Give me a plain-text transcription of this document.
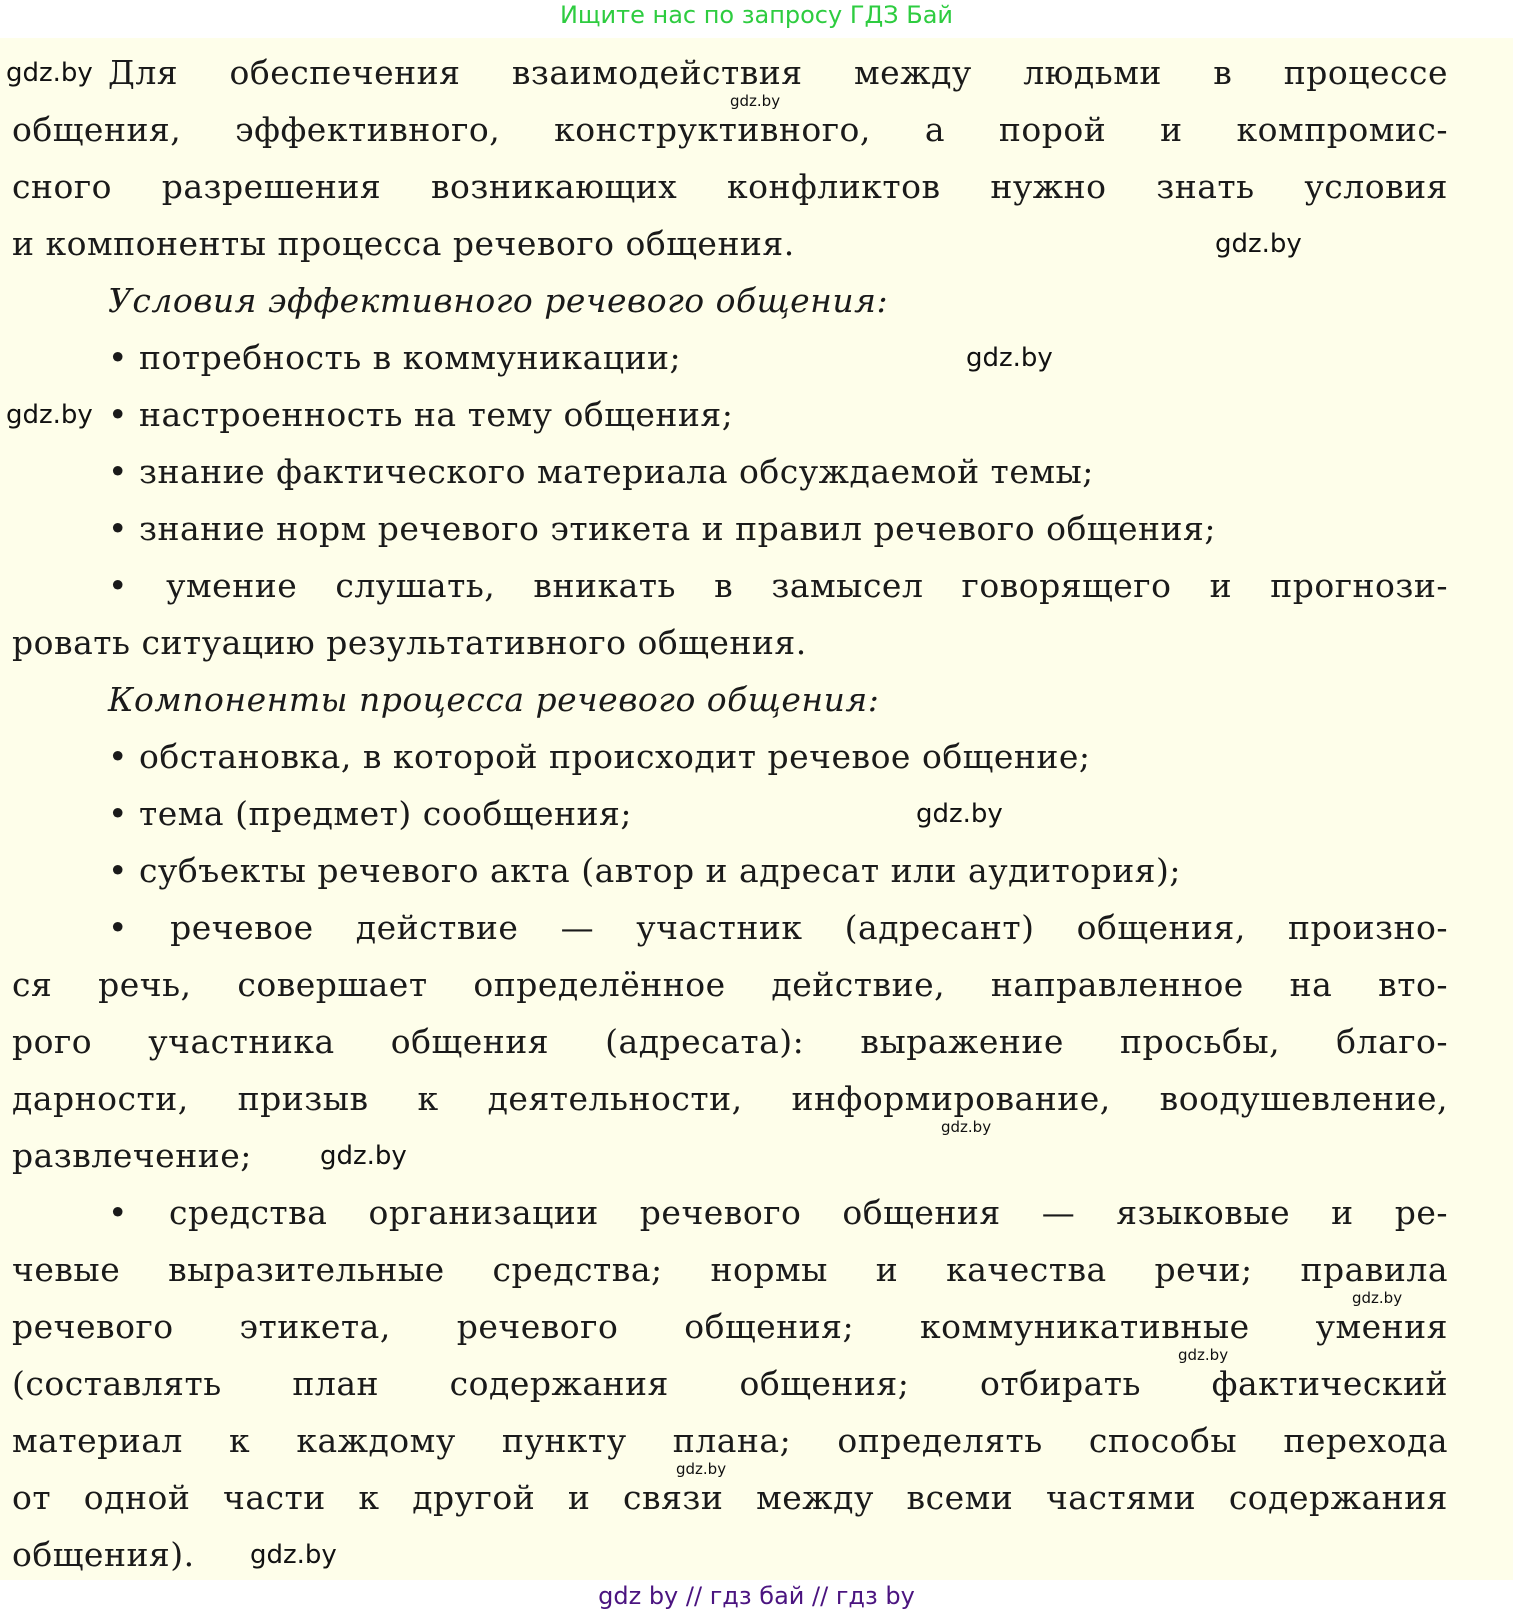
Ищите нас по запросу ГДЗ Бай
общения).
от одной части к другой и связи между всеми частями содержания
материал к каждому пункту плана; определять способы перехода
(составлять план содержания общения; отбирать фактический
речевого этикета, речевого общения; коммуникативные умения
чевые выразительные средства; нормы и качества речи; правила
• средства организации речевого общения — языковые и ре-
развлечение;
дарности, призыв к деятельности, информирование, воодушевление,
рого участника общения (адресата): выражение просьбы, благо-
ся речь, совершает определённое действие, направленное на вто-
• речевое действие — участник (адресант) общения, произно-
• субъекты речевого акта (автор и адресат или аудитория);
• тема (предмет) сообщения;
• обстановка, в которой происходит речевое общение;
Компоненты процесса речевого общения:
ровать ситуацию результативного общения.
• умение слушать, вникать в замысел говорящего и прогнози-
• знание норм речевого этикета и правил речевого общения;
• знание фактического материала обсуждаемой темы;
• настроенность на тему общения;
• потребность в коммуникации;
Условия эффективного речевого общения:
и компоненты процесса речевого общения.
сного разрешения возникающих конфликтов нужно знать условия
общения, эффективного, конструктивного, а порой и компромис-
Для обеспечения взаимодействия между людьми в процессе
gdz.by
gdz.by
gdz.by
gdz.by
gdz.by
gdz.by
gdz.by
gdz.by
gdz.by
gdz.by
gdz.by
gdz.by
gdz by // гдз бай // гдз by
